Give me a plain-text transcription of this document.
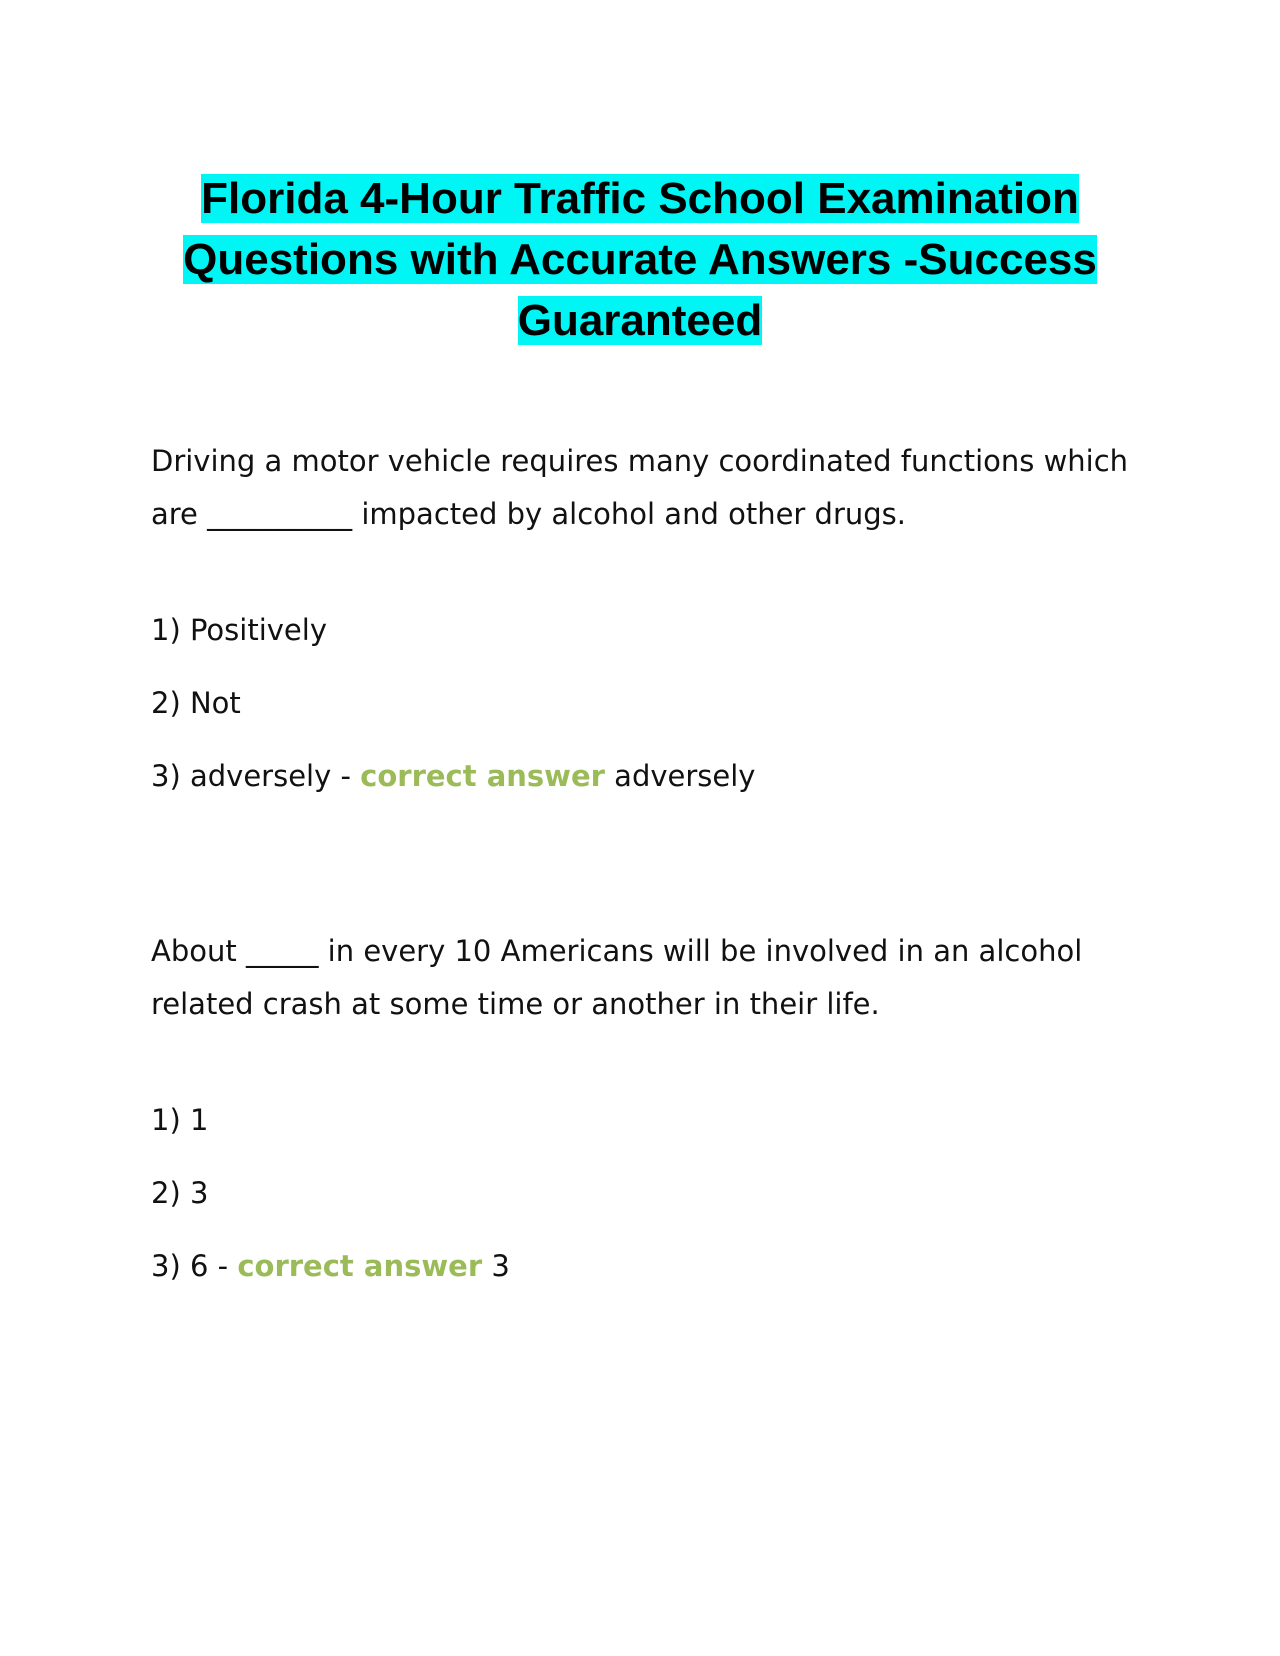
Florida 4-Hour Traffic School Examination Questions with Accurate Answers -Success Guaranteed
Driving a motor vehicle requires many coordinated functions which are __________ impacted by alcohol and other drugs.
1) Positively
2) Not
3) adversely - correct answer adversely
About _____ in every 10 Americans will be involved in an alcohol related crash at some time or another in their life.
1) 1
2) 3
3) 6 - correct answer 3
